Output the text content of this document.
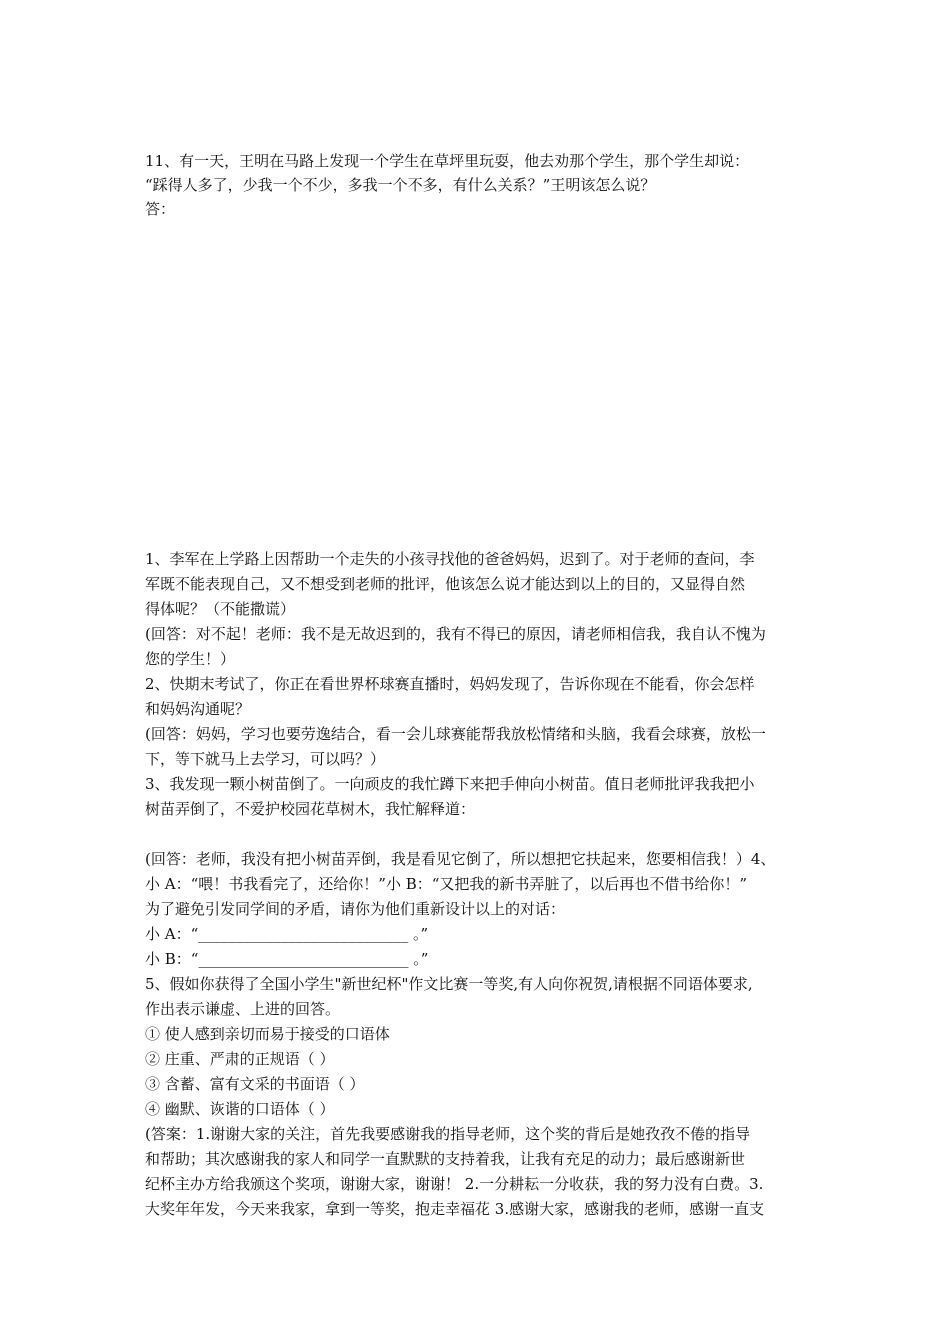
11、有一天，王明在马路上发现一个学生在草坪里玩耍，他去劝那个学生，那个学生却说：
“踩得人多了，少我一个不少，多我一个不多，有什么关系？”王明该怎么说？
答：
1、李军在上学路上因帮助一个走失的小孩寻找他的爸爸妈妈，迟到了。对于老师的查问，李
军既不能表现自己，又不想受到老师的批评，他该怎么说才能达到以上的目的，又显得自然
得体呢？（不能撒谎）
(回答：对不起！老师：我不是无故迟到的，我有不得已的原因，请老师相信我，我自认不愧为
您的学生！）
2、快期末考试了，你正在看世界杯球赛直播时，妈妈发现了，告诉你现在不能看，你会怎样
和妈妈沟通呢？
(回答：妈妈，学习也要劳逸结合，看一会儿球赛能帮我放松情绪和头脑，我看会球赛，放松一
下，等下就马上去学习，可以吗？）
3、我发现一颗小树苗倒了。一向顽皮的我忙蹲下来把手伸向小树苗。值日老师批评我我把小
树苗弄倒了，不爱护校园花草树木，我忙解释道：
(回答：老师，我没有把小树苗弄倒，我是看见它倒了，所以想把它扶起来，您要相信我！）4、
小 A：“喂！书我看完了，还给你！”小 B：“又把我的新书弄脏了，以后再也不借书给你！”
为了避免引发同学间的矛盾，请你为他们重新设计以上的对话：
小 A：“____________________________ 。”
小 B：“____________________________ 。”
5、假如你获得了全国小学生"新世纪杯"作文比赛一等奖,有人向你祝贺,请根据不同语体要求,
作出表示谦虚、上进的回答。
① 使人感到亲切而易于接受的口语体
② 庄重、严肃的正规语（ ）
③ 含蓄、富有文采的书面语（ ）
④ 幽默、诙谐的口语体（ ）
(答案：1.谢谢大家的关注，首先我要感谢我的指导老师，这个奖的背后是她孜孜不倦的指导
和帮助；其次感谢我的家人和同学一直默默的支持着我，让我有充足的动力；最后感谢新世
纪杯主办方给我颁这个奖项，谢谢大家，谢谢！ 2.一分耕耘一分收获，我的努力没有白费。3.
大奖年年发，今天来我家，拿到一等奖，抱走幸福花 3.感谢大家，感谢我的老师，感谢一直支
